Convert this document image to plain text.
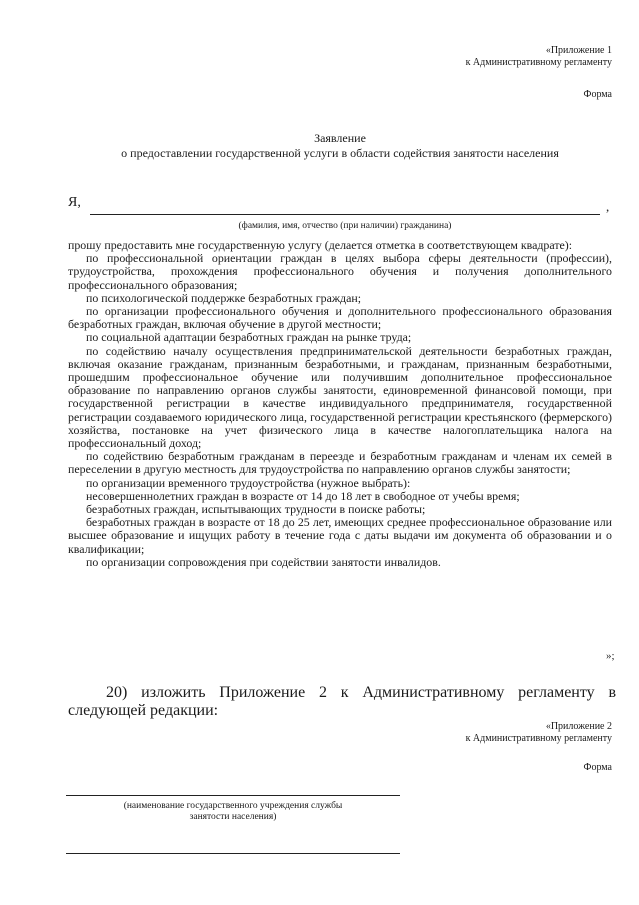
«Приложение 1
к Административному регламенту
Форма
Заявление
о предоставлении государственной услуги в области содействия занятости населения
Я,	,
(фамилия, имя, отчество (при наличии) гражданина)

прошу предоставить мне государственную услугу (делается отметка в соответствующем квадрате):

по профессиональной ориентации граждан в целях выбора сферы деятельности (профессии), трудоустройства, прохождения профессионального обучения и получения дополнительного профессионального образования;

по психологической поддержке безработных граждан;

по организации профессионального обучения и дополнительного профессионального образования безработных граждан, включая обучение в другой местности;

по социальной адаптации безработных граждан на рынке труда;

по содействию началу осуществления предпринимательской деятельности безработных граждан, включая оказание гражданам, признанным безработными, и гражданам, признанным безработными, прошедшим профессиональное обучение или получившим дополнительное профессиональное образование по направлению органов службы занятости, единовременной финансовой помощи, при государственной регистрации в качестве индивидуального предпринимателя, государственной регистрации создаваемого юридического лица, государственной регистрации крестьянского (фермерского) хозяйства, постановке на учет физического лица в качестве налогоплательщика налога на профессиональный доход;

по содействию безработным гражданам в переезде и безработным гражданам и членам их семей в переселении в другую местность для трудоустройства по направлению органов службы занятости;

по организации временного трудоустройства (нужное выбрать):

несовершеннолетних граждан в возрасте от 14 до 18 лет в свободное от учебы время;

безработных граждан, испытывающих трудности в поиске работы;

безработных граждан в возрасте от 18 до 25 лет, имеющих среднее профессиональное образование или высшее образование и ищущих работу в течение года с даты выдачи им документа об образовании и о квалификации;

по организации сопровождения при содействии занятости инвалидов.

»;

20) изложить Приложение 2 к Административному регламенту в следующей редакции:

«Приложение 2
к Административному регламенту
Форма
(наименование государственного учреждения службы
занятости населения)
